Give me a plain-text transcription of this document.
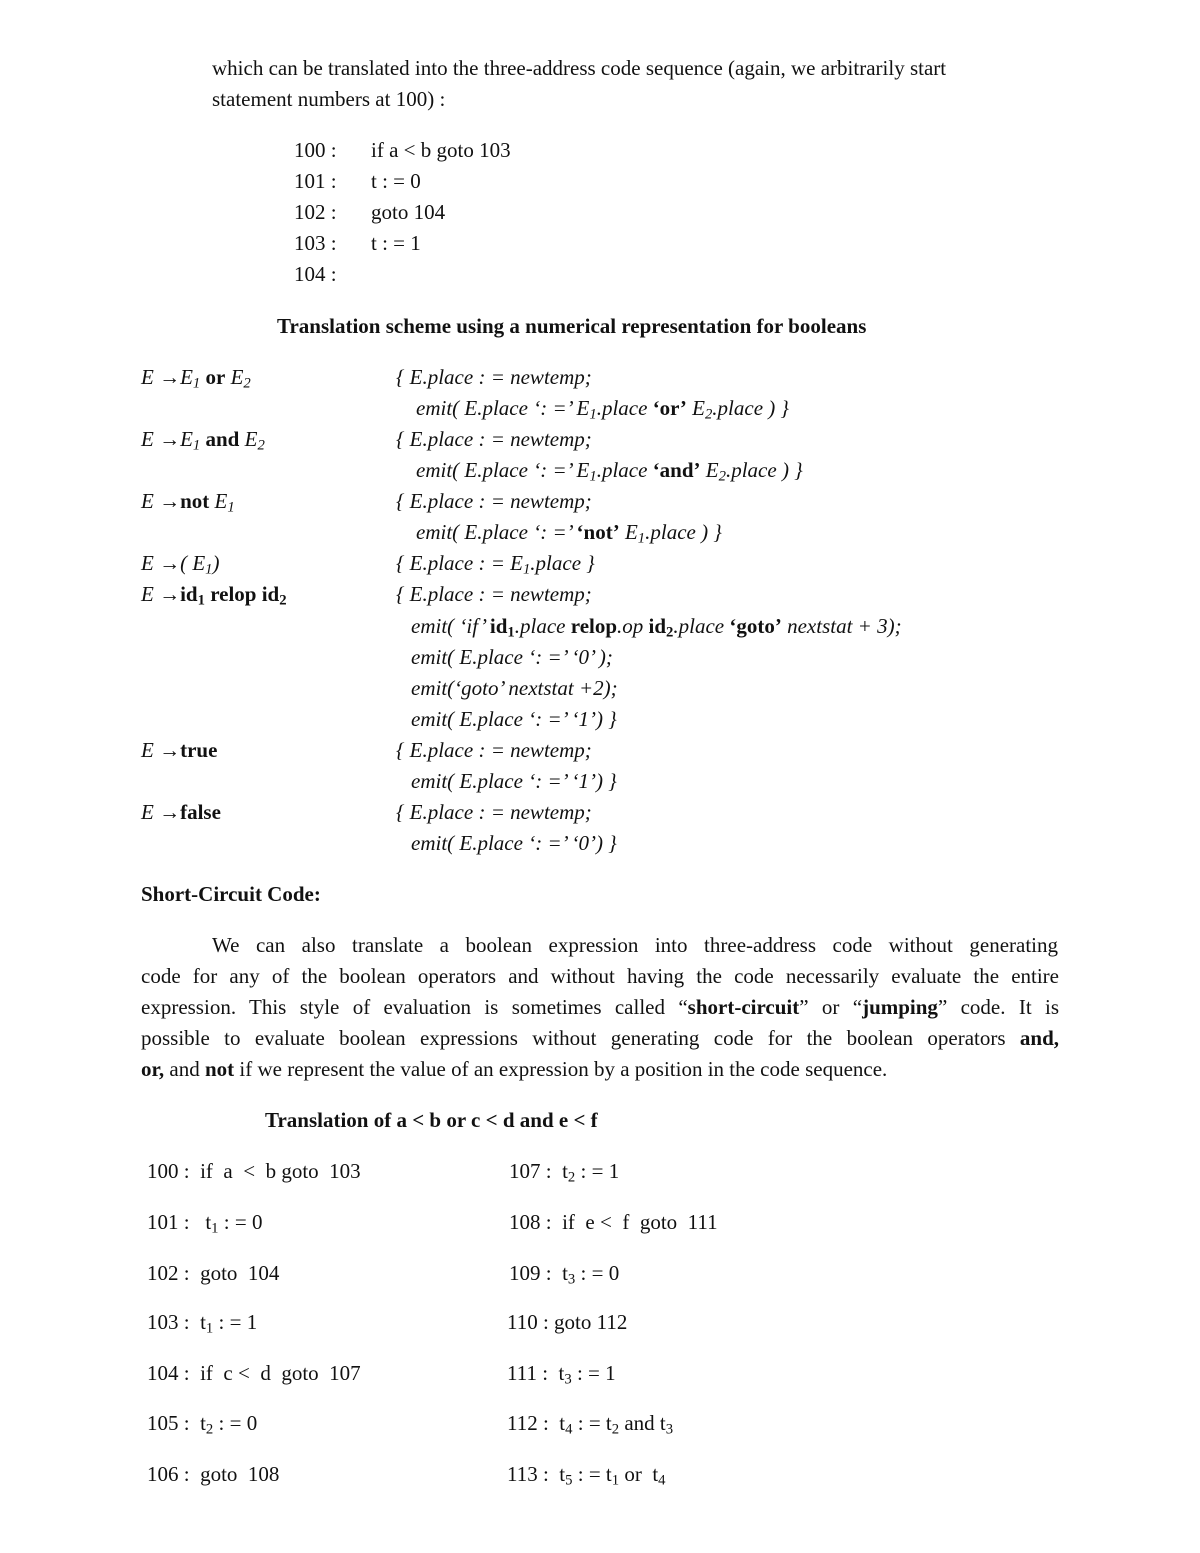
which can be translated into the three-address code sequence (again, we arbitrarily start
statement numbers at 100) :
100 : if a < b goto 103
101 : t : = 0
102 : goto 104
103 : t : = 1
104 :
Translation scheme using a numerical representation for booleans
$E \to E_1$ or $E_2$
$E \to E_1$ and $E_2$
E →not $E_1$
E →( $E_1$)
$E \to id_1$ relop $id_2$
E →true
E →false
{ E.place : = newtemp;
emit( E.place ‘: =’ $E_1.place$ ‘or’ $E_2.place$ ) }
{ E.place : = newtemp;
emit( E.place ‘: =’ $E_1.place$ ‘and’ $E_2.place$ ) }
{ E.place : = newtemp;
emit( E.place ‘: =’ ‘not’ $E_1.place$ ) }
{ E.place : = $E_1.place$ }
{ E.place : = newtemp;
emit( ‘if’ $id_1.place$ relop.op $id_2.place$ ‘goto’ nextstat + 3);
emit( E.place ‘: =’ ‘0’ );
emit(‘goto’ nextstat +2);
emit( E.place ‘: =’ ‘1’) }
{ E.place : = newtemp;
emit( E.place ‘: =’ ‘1’) }
{ E.place : = newtemp;
emit( E.place ‘: =’ ‘0’) }
Short-Circuit Code:
We can also translate a boolean expression into three-address code without generating
code for any of the boolean operators and without having the code necessarily evaluate the entire
expression. This style of evaluation is sometimes called “short-circuit” or “jumping” code. It is
possible to evaluate boolean expressions without generating code for the boolean operators and,
or, and not if we represent the value of an expression by a position in the code sequence.
Translation of a < b or c < d and e < f
100 :  if  a  <  b goto  103
101 :   $t_1$ : = 0
102 :  goto  104
103 :  $t_1$ : = 1
104 :  if  c <  d  goto  107
105 :  $t_2$ : = 0
106 :  goto  108
107 :  $t_2$ : = 1
108 :  if  e <  f  goto  111
109 :  $t_3$ : = 0
110 : goto 112
111 :  $t_3$ : = 1
112 :  $t_4$ : = $t_2$ and $t_3$
113 :  $t_5$ : = $t_1$ or  $t_4$
